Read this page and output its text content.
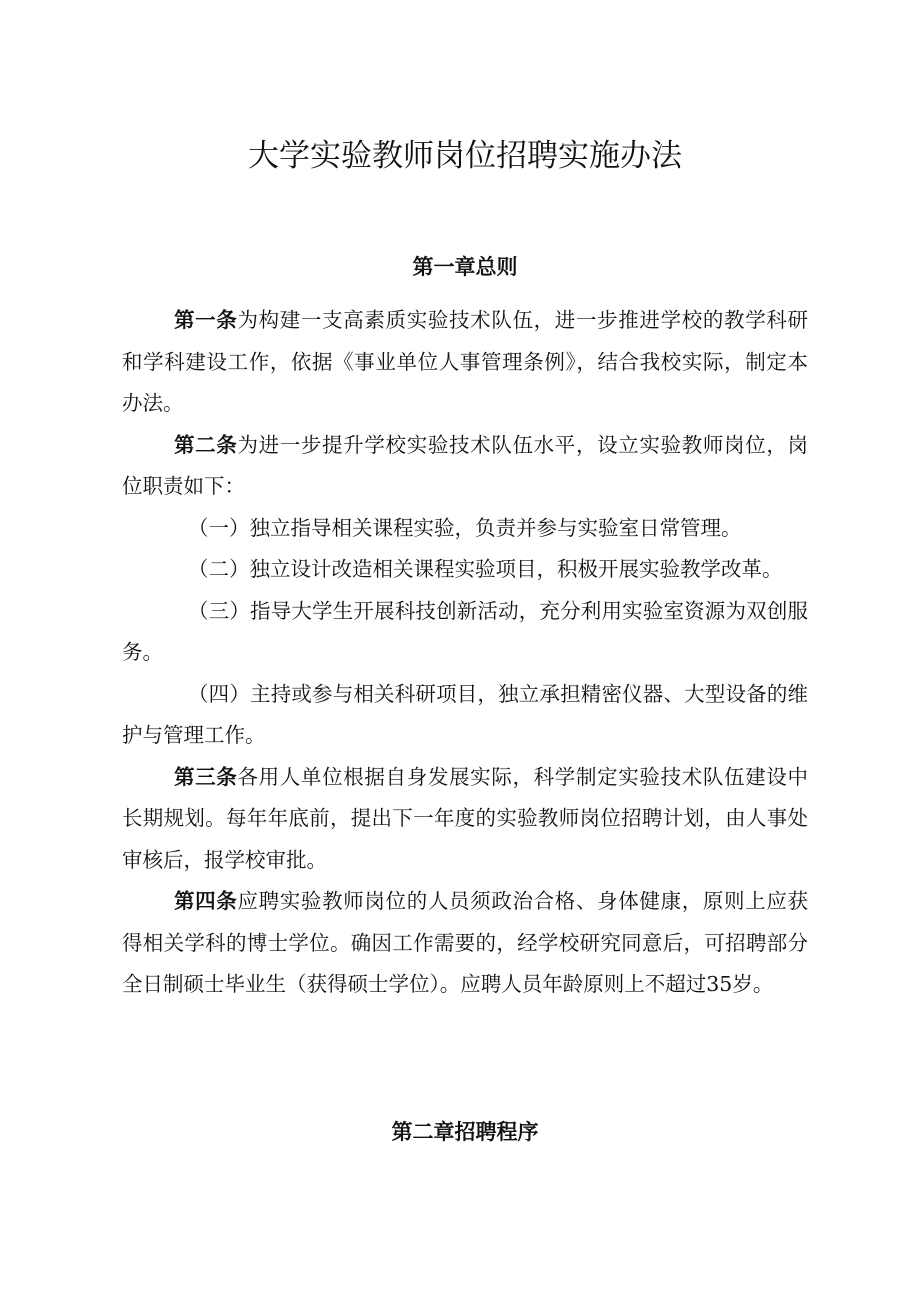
大学实验教师岗位招聘实施办法
第一章总则

第一条为构建一支高素质实验技术队伍，进一步推进学校的教学科研和学科建设工作，依据《事业单位人事管理条例》，结合我校实际，制定本办法。

第二条为进一步提升学校实验技术队伍水平，设立实验教师岗位，岗位职责如下：

（一）独立指导相关课程实验，负责并参与实验室日常管理。

（二）独立设计改造相关课程实验项目，积极开展实验教学改革。

（三）指导大学生开展科技创新活动，充分利用实验室资源为双创服务。

（四）主持或参与相关科研项目，独立承担精密仪器、大型设备的维护与管理工作。

第三条各用人单位根据自身发展实际，科学制定实验技术队伍建设中长期规划。每年年底前，提出下一年度的实验教师岗位招聘计划，由人事处审核后，报学校审批。

第四条应聘实验教师岗位的人员须政治合格、身体健康，原则上应获得相关学科的博士学位。确因工作需要的，经学校研究同意后，可招聘部分全日制硕士毕业生（获得硕士学位）。应聘人员年龄原则上不超过35岁。

第二章招聘程序
